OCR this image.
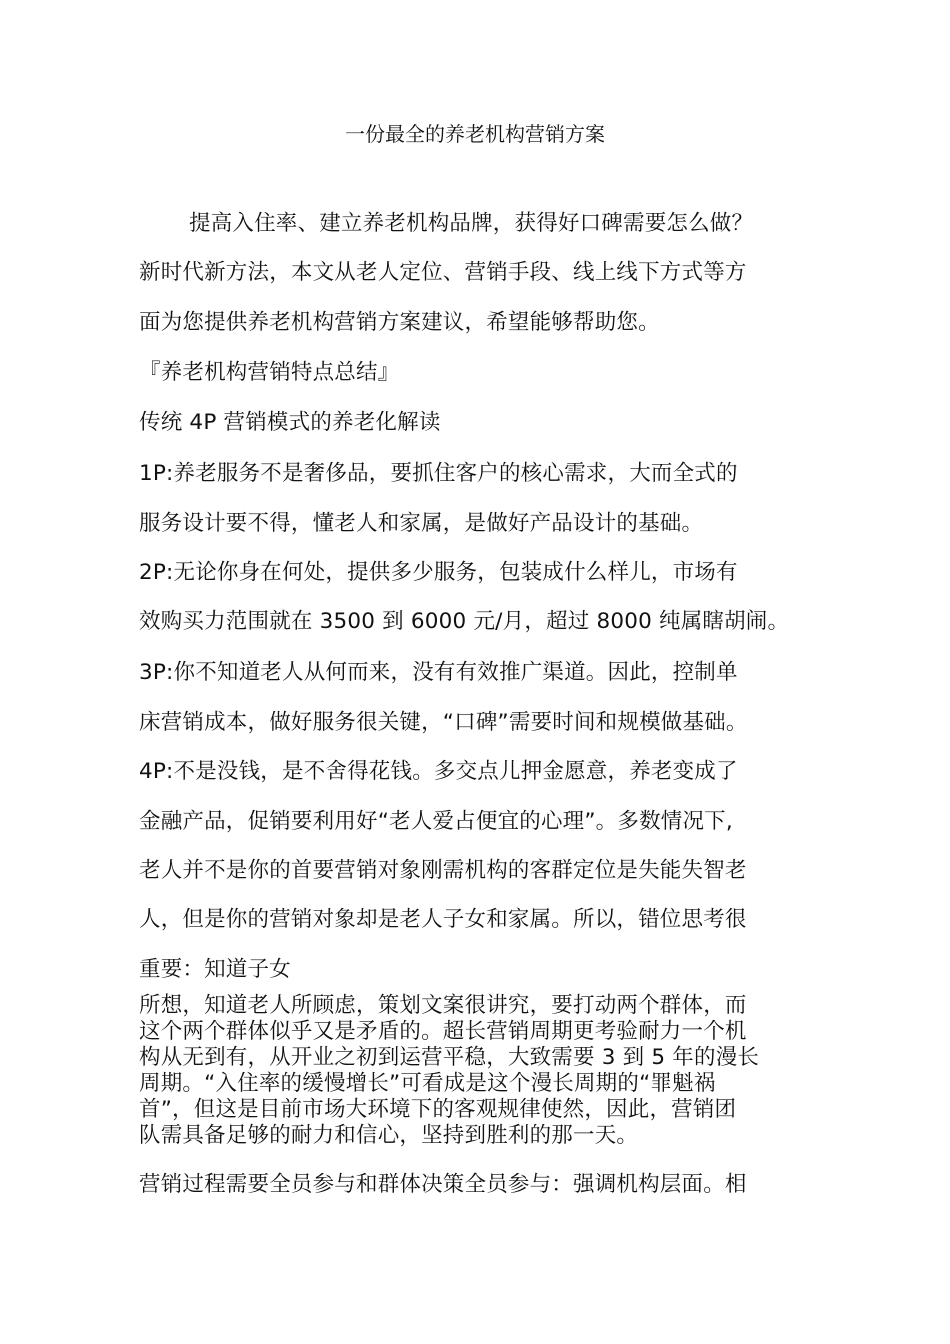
一份最全的养老机构营销方案
提高入住率、建立养老机构品牌，获得好口碑需要怎么做？
新时代新方法，本文从老人定位、营销手段、线上线下方式等方
面为您提供养老机构营销方案建议，希望能够帮助您。
『养老机构营销特点总结』
传统 4P 营销模式的养老化解读
1P:养老服务不是奢侈品，要抓住客户的核心需求，大而全式的
服务设计要不得，懂老人和家属，是做好产品设计的基础。
2P:无论你身在何处，提供多少服务，包装成什么样儿，市场有
效购买力范围就在 3500 到 6000 元/月，超过 8000 纯属瞎胡闹。
3P:你不知道老人从何而来，没有有效推广渠道。因此，控制单
床营销成本，做好服务很关键，“口碑”需要时间和规模做基础。
4P:不是没钱，是不舍得花钱。多交点儿押金愿意，养老变成了
金融产品，促销要利用好“老人爱占便宜的心理”。多数情况下,
老人并不是你的首要营销对象刚需机构的客群定位是失能失智老
人，但是你的营销对象却是老人子女和家属。所以，错位思考很
重要：知道子女
所想，知道老人所顾虑，策划文案很讲究，要打动两个群体，而
这个两个群体似乎又是矛盾的。超长营销周期更考验耐力一个机
构从无到有，从开业之初到运营平稳，大致需要 3 到 5 年的漫长
周期。“入住率的缓慢增长”可看成是这个漫长周期的“罪魁祸
首”，但这是目前市场大环境下的客观规律使然，因此，营销团
队需具备足够的耐力和信心，坚持到胜利的那一天。
营销过程需要全员参与和群体决策全员参与：强调机构层面。相
